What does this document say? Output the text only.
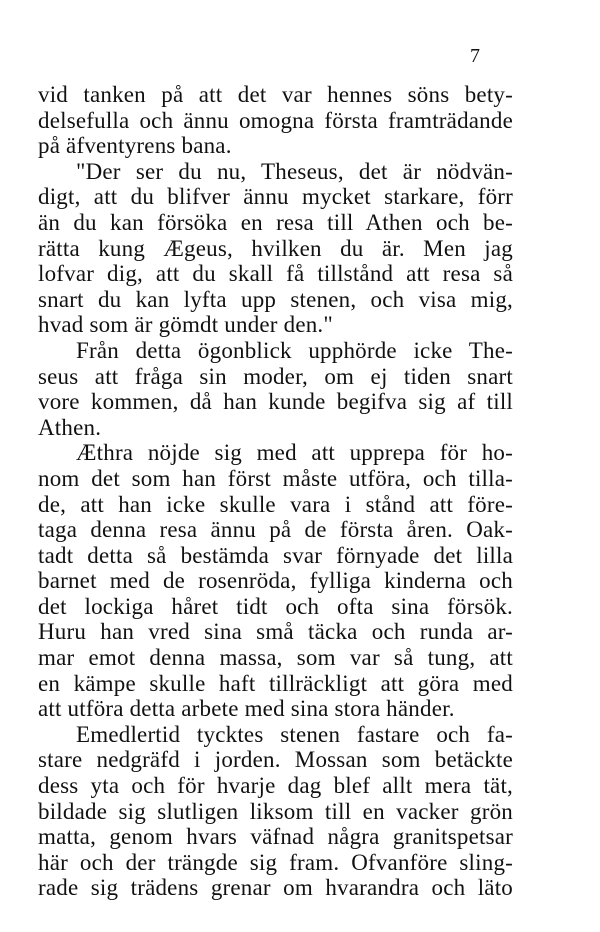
7
vid tanken på att det var hennes söns bety-
delsefulla och ännu omogna första framträdande
på äfventyrens bana.
"Der ser du nu, Theseus, det är nödvän-
digt, att du blifver ännu mycket starkare, förr
än du kan försöka en resa till Athen och be-
rätta kung Ægeus, hvilken du är. Men jag
lofvar dig, att du skall få tillstånd att resa så
snart du kan lyfta upp stenen, och visa mig,
hvad som är gömdt under den."
Från detta ögonblick upphörde icke The-
seus att fråga sin moder, om ej tiden snart
vore kommen, då han kunde begifva sig af till
Athen.
Æthra nöjde sig med att upprepa för ho-
nom det som han först måste utföra, och tilla-
de, att han icke skulle vara i stånd att före-
taga denna resa ännu på de första åren. Oak-
tadt detta så bestämda svar förnyade det lilla
barnet med de rosenröda, fylliga kinderna och
det lockiga håret tidt och ofta sina försök.
Huru han vred sina små täcka och runda ar-
mar emot denna massa, som var så tung, att
en kämpe skulle haft tillräckligt att göra med
att utföra detta arbete med sina stora händer.
Emedlertid tycktes stenen fastare och fa-
stare nedgräfd i jorden. Mossan som betäckte
dess yta och för hvarje dag blef allt mera tät,
bildade sig slutligen liksom till en vacker grön
matta, genom hvars väfnad några granitspetsar
här och der trängde sig fram. Ofvanföre sling-
rade sig trädens grenar om hvarandra och läto
